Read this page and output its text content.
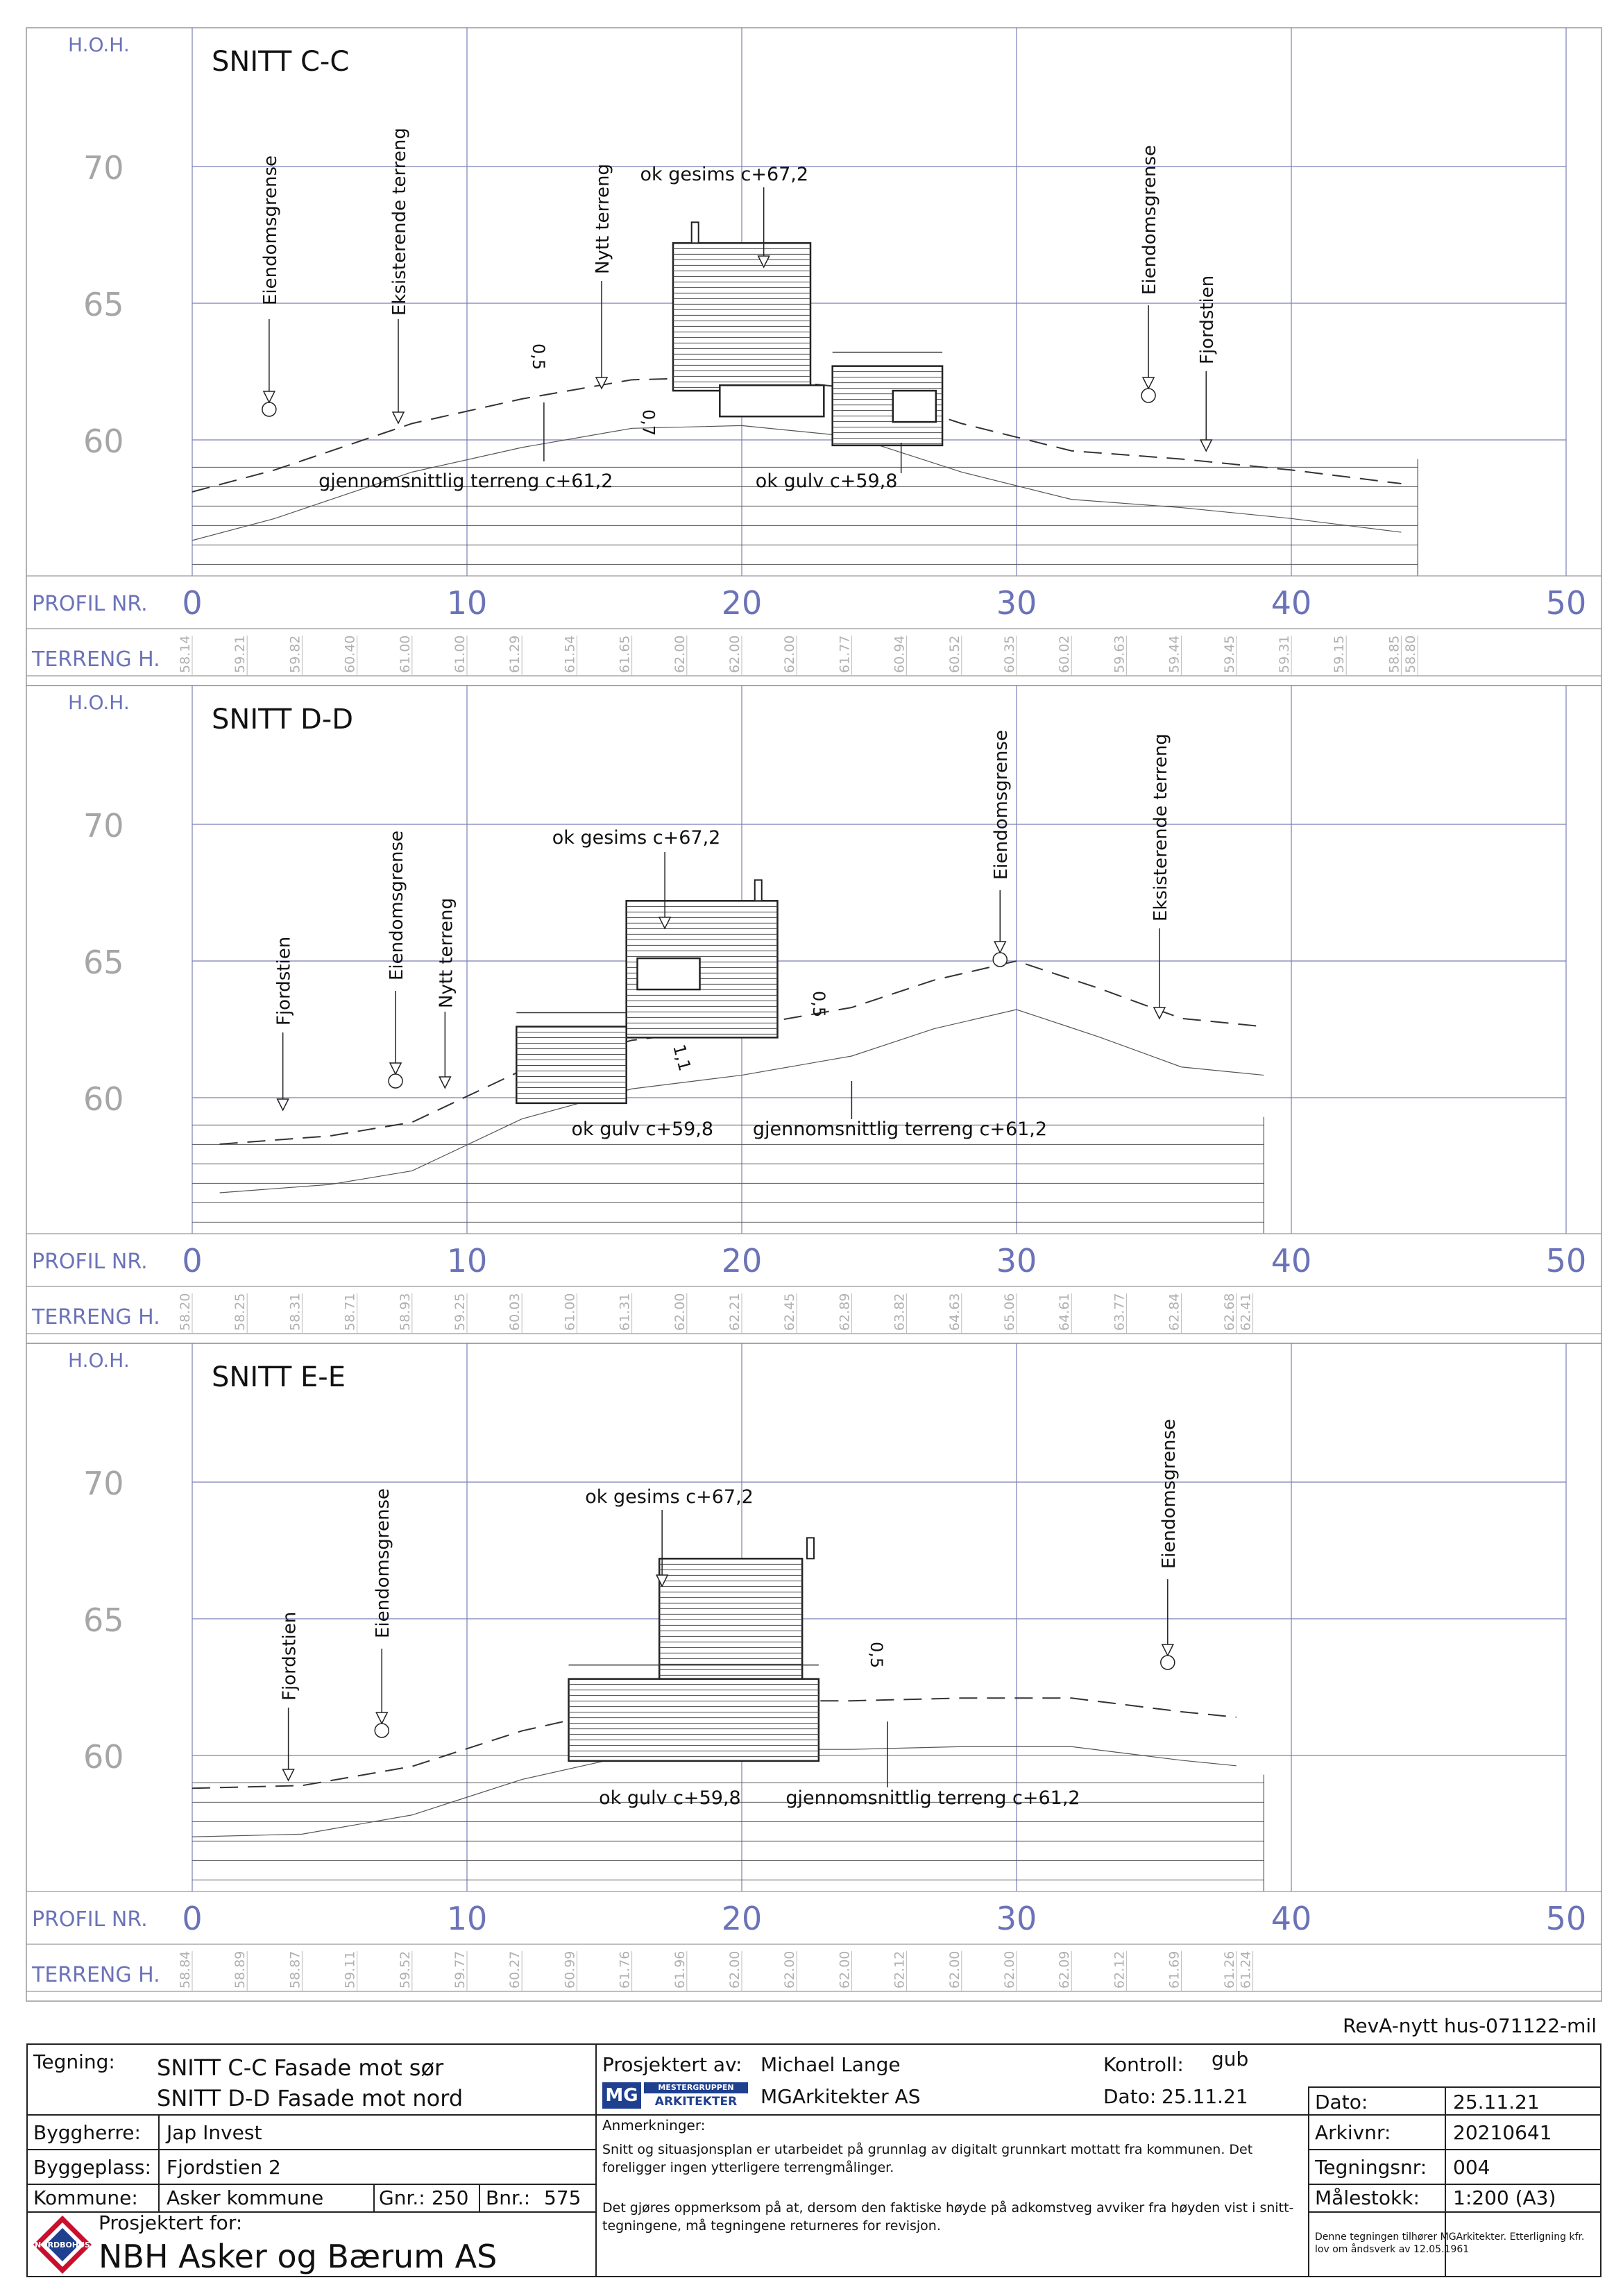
70
65
60
H.O.H.
SNITT C-C
Eiendomsgrense	Eksisterende terreng	Nytt terreng
0,5
0,7
ok gesims c+67,2	Eiendomsgrense
Fjordstien
gjennomsnittlig terreng c+61,2	ok gulv c+59,8
PROFIL NR. 0	10	20	30	40	50
TERRENG H. 58.14	59.21	59.82	60.40	61.00	61.00	61.29	61.54	61.65	62.00	62.00	62.00	61.77	60.94	60.52	60.35	60.02	59.63	59.44	59.45	59.31	59.15	58.85 58.80
70
65
60
H.O.H.
SNITT D-D
Fjordstien
Eiendomsgrense Nytt terreng
ok gesims c+67,2
1,1
0,5
Eiendomsgrense	Eksisterende terreng
ok gulv c+59,8 gjennomsnittlig terreng c+61,2
PROFIL NR. 0	10	20	30	40	50
TERRENG H. 58.20	58.25	58.31	58.71	58.93	59.25	60.03	61.00	61.31	62.00	62.21	62.45	62.89	63.82	64.63	65.06	64.61	63.77	62.84	62.68 62.41
70
65
60
H.O.H.
SNITT E-E
Fjordstien
Eiendomsgrense	ok gesims c+67,2
0,5
Eiendomsgrense
ok gulv c+59,8 gjennomsnittlig terreng c+61,2
PROFIL NR. 0	10	20	30	40	50
TERRENG H. 58.84	58.89	58.87	59.11	59.52	59.77	60.27	60.99	61.76	61.96	62.00	62.00	62.00	62.12	62.00	62.00	62.09	62.12	61.69	61.26 61.24
RevA-nytt hus-071122-mil
Tegning: SNITT C-C Fasade mot sør
SNITT D-D Fasade mot nord
Byggherre: Jap Invest
Byggeplass: Fjordstien 2
Kommune: Asker kommune	Gnr.: 250 Bnr.: 575
NORDBOHUS
Prosjektert for:
NBH Asker og Bærum AS
Prosjektert av: Michael Lange	Kontroll: gub
MG	MESTERGRUPPEN
ARKITEKTER	MGArkitekter AS	Dato: 25.11.21
Anmerkninger:
Snitt og situasjonsplan er utarbeidet på grunnlag av digitalt grunnkart mottatt fra kommunen. Det foreligger ingen ytterligere terrengmålinger.
Det gjøres oppmerksom på at, dersom den faktiske høyde på adkomstveg avviker fra høyden vist i snitt-tegningene, må tegningene returneres for revisjon.
Dato:	25.11.21
Arkivnr:	20210641
Tegningsnr: 004
Målestokk: 1:200 (A3)
Denne tegningen tilhører MGArkitekter. Etterligning kfr. lov om åndsverk av 12.05.1961
